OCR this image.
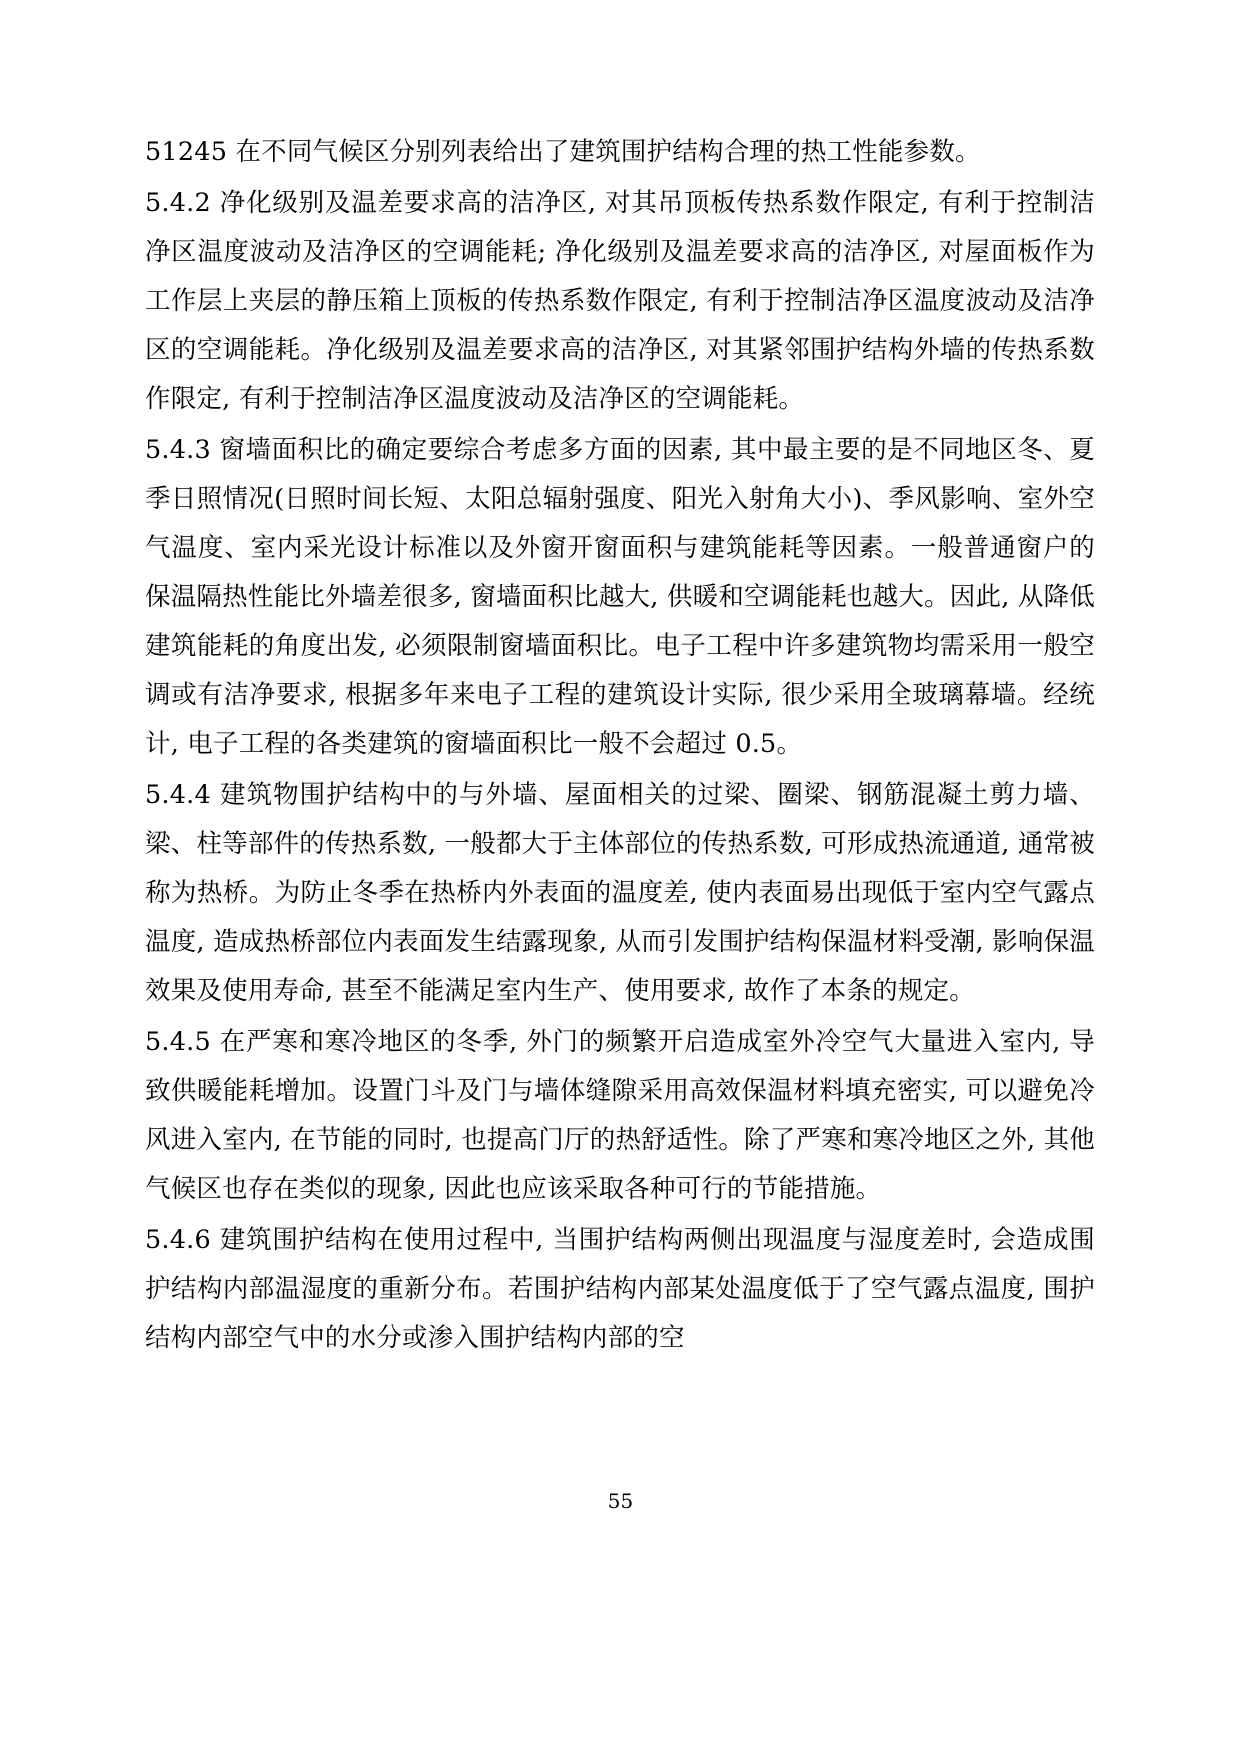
51245 在不同气候区分别列表给出了建筑围护结构合理的热工性能参数。

5.4.2 净化级别及温差要求高的洁净区, 对其吊顶板传热系数作限定, 有利于控制洁净区温度波动及洁净区的空调能耗; 净化级别及温差要求高的洁净区, 对屋面板作为工作层上夹层的静压箱上顶板的传热系数作限定, 有利于控制洁净区温度波动及洁净区的空调能耗。净化级别及温差要求高的洁净区, 对其紧邻围护结构外墙的传热系数作限定, 有利于控制洁净区温度波动及洁净区的空调能耗。

5.4.3 窗墙面积比的确定要综合考虑多方面的因素, 其中最主要的是不同地区冬、夏季日照情况(日照时间长短、太阳总辐射强度、阳光入射角大小)、季风影响、室外空气温度、室内采光设计标准以及外窗开窗面积与建筑能耗等因素。一般普通窗户的保温隔热性能比外墙差很多, 窗墙面积比越大, 供暖和空调能耗也越大。因此, 从降低建筑能耗的角度出发, 必须限制窗墙面积比。电子工程中许多建筑物均需采用一般空调或有洁净要求, 根据多年来电子工程的建筑设计实际, 很少采用全玻璃幕墙。经统计, 电子工程的各类建筑的窗墙面积比一般不会超过 0.5。

5.4.4 建筑物围护结构中的与外墙、屋面相关的过梁、圈梁、钢筋混凝土剪力墙、梁、柱等部件的传热系数, 一般都大于主体部位的传热系数, 可形成热流通道, 通常被称为热桥。为防止冬季在热桥内外表面的温度差, 使内表面易出现低于室内空气露点温度, 造成热桥部位内表面发生结露现象, 从而引发围护结构保温材料受潮, 影响保温效果及使用寿命, 甚至不能满足室内生产、使用要求, 故作了本条的规定。

5.4.5 在严寒和寒冷地区的冬季, 外门的频繁开启造成室外冷空气大量进入室内, 导致供暖能耗增加。设置门斗及门与墙体缝隙采用高效保温材料填充密实, 可以避免冷风进入室内, 在节能的同时, 也提高门厅的热舒适性。除了严寒和寒冷地区之外, 其他气候区也存在类似的现象, 因此也应该采取各种可行的节能措施。

5.4.6 建筑围护结构在使用过程中, 当围护结构两侧出现温度与湿度差时, 会造成围护结构内部温湿度的重新分布。若围护结构内部某处温度低于了空气露点温度, 围护结构内部空气中的水分或渗入围护结构内部的空

55
